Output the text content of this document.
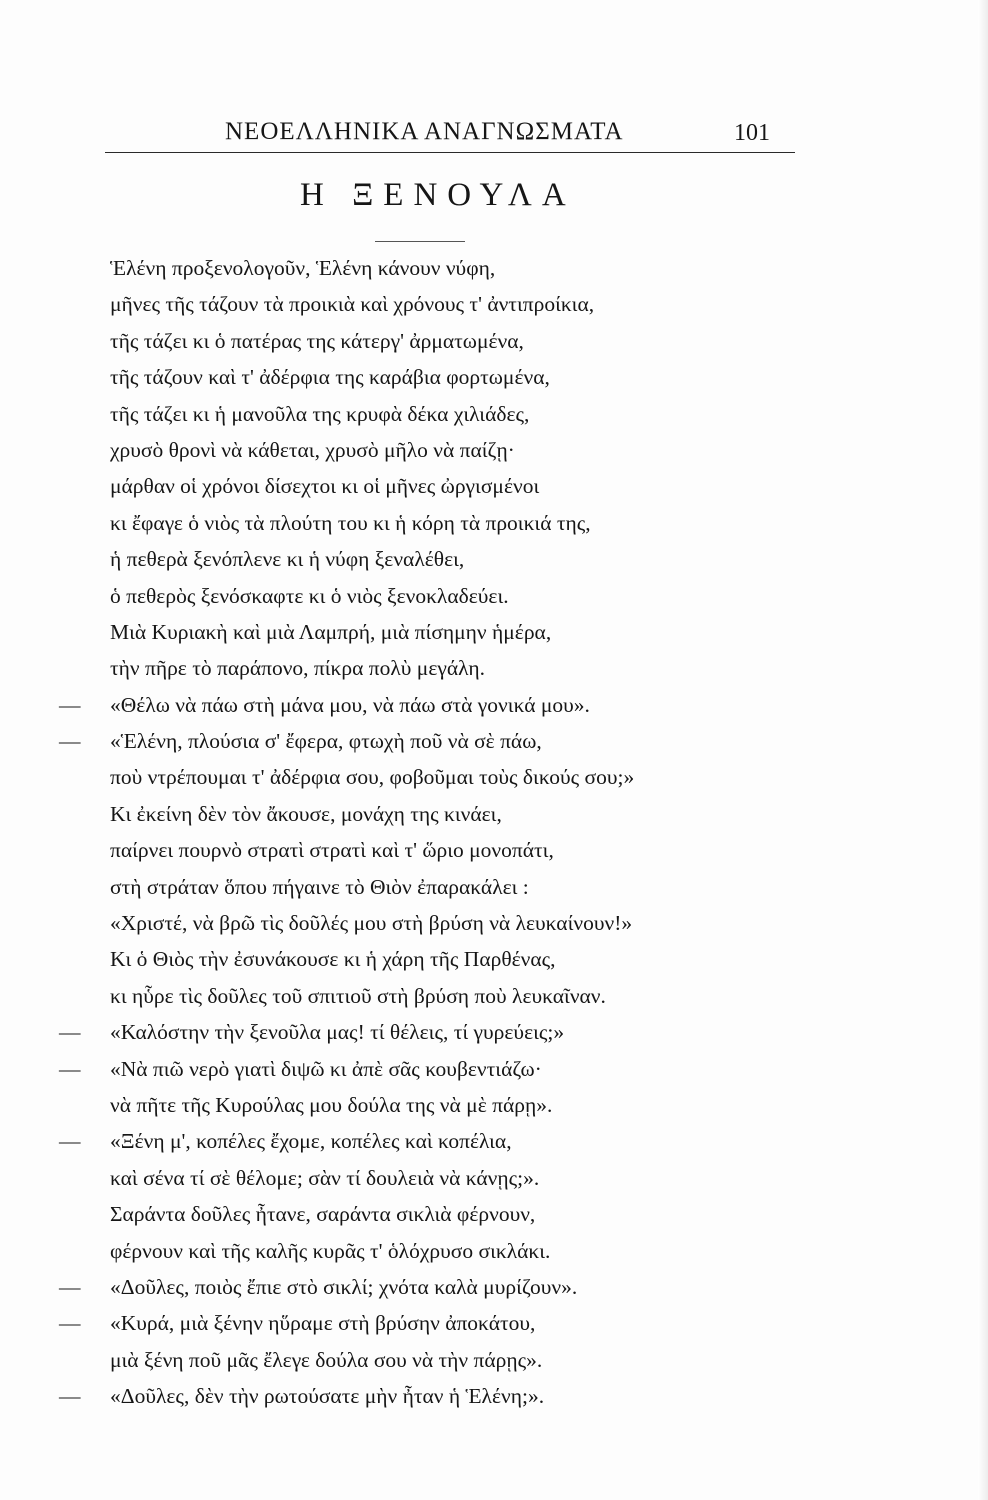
ΝΕΟΕΛΛΗΝΙΚΑ ΑΝΑΓΝΩΣΜΑΤΑ	101
Η ΞΕΝΟΥΛΑ
Ἑλένη προξενολογοῦν, Ἑλένη κάνουν νύφη,
μῆνες τῆς τάζουν τὰ προικιὰ καὶ χρόνους τ' ἀντιπροίκια,
τῆς τάζει κι ὁ πατέρας της κάτεργ' ἀρματωμένα,
τῆς τάζουν καὶ τ' ἀδέρφια της καράβια φορτωμένα,
τῆς τάζει κι ἡ μανοῦλα της κρυφὰ δέκα χιλιάδες,
χρυσὸ θρονὶ νὰ κάθεται, χρυσὸ μῆλο νὰ παίζῃ·
μάρθαν οἱ χρόνοι δίσεχτοι κι οἱ μῆνες ὠργισμένοι
κι ἔφαγε ὁ νιὸς τὰ πλούτη του κι ἡ κόρη τὰ προικιά της,
ἡ πεθερὰ ξενόπλενε κι ἡ νύφη ξεναλέθει,
ὁ πεθερὸς ξενόσκαφτε κι ὁ νιὸς ξενοκλαδεύει.
Μιὰ Κυριακὴ καὶ μιὰ Λαμπρή, μιὰ πίσημην ἡμέρα,
τὴν πῆρε τὸ παράπονο, πίκρα πολὺ μεγάλη.
—	«Θέλω νὰ πάω στὴ μάνα μου, νὰ πάω στὰ γονικά μου».
—	«Ἑλένη, πλούσια σ' ἔφερα, φτωχὴ ποῦ νὰ σὲ πάω,
ποὺ ντρέπουμαι τ' ἀδέρφια σου, φοβοῦμαι τοὺς δικούς σου;»
Κι ἐκείνη δὲν τὸν ἄκουσε, μονάχη της κινάει,
παίρνει πουρνὸ στρατὶ στρατὶ καὶ τ' ὥριο μονοπάτι,
στὴ στράταν ὅπου πήγαινε τὸ Θιὸν ἐπαρακάλει :
«Χριστέ, νὰ βρῶ τὶς δοῦλές μου στὴ βρύση νὰ λευκαίνουν!»
Κι ὁ Θιὸς τὴν ἐσυνάκουσε κι ἡ χάρη τῆς Παρθένας,
κι ηὗρε τὶς δοῦλες τοῦ σπιτιοῦ στὴ βρύση ποὺ λευκαῖναν.
—	«Καλόστην τὴν ξενοῦλα μας! τί θέλεις, τί γυρεύεις;»
—	«Νὰ πιῶ νερὸ γιατὶ διψῶ κι ἀπὲ σᾶς κουβεντιάζω·
νὰ πῆτε τῆς Κυρούλας μου δούλα της νὰ μὲ πάρῃ».
—	«Ξένη μ', κοπέλες ἔχομε, κοπέλες καὶ κοπέλια,
καὶ σένα τί σὲ θέλομε; σὰν τί δουλειὰ νὰ κάνῃς;».
Σαράντα δοῦλες ἦτανε, σαράντα σικλιὰ φέρνουν,
φέρνουν καὶ τῆς καλῆς κυρᾶς τ' ὁλόχρυσο σικλάκι.
—	«Δοῦλες, ποιὸς ἔπιε στὸ σικλί; χνότα καλὰ μυρίζουν».
—	«Κυρά, μιὰ ξένην ηὕραμε στὴ βρύσην ἀποκάτου,
μιὰ ξένη ποῦ μᾶς ἔλεγε δούλα σου νὰ τὴν πάρῃς».
—	«Δοῦλες, δὲν τὴν ρωτούσατε μὴν ἦταν ἡ Ἑλένη;».
